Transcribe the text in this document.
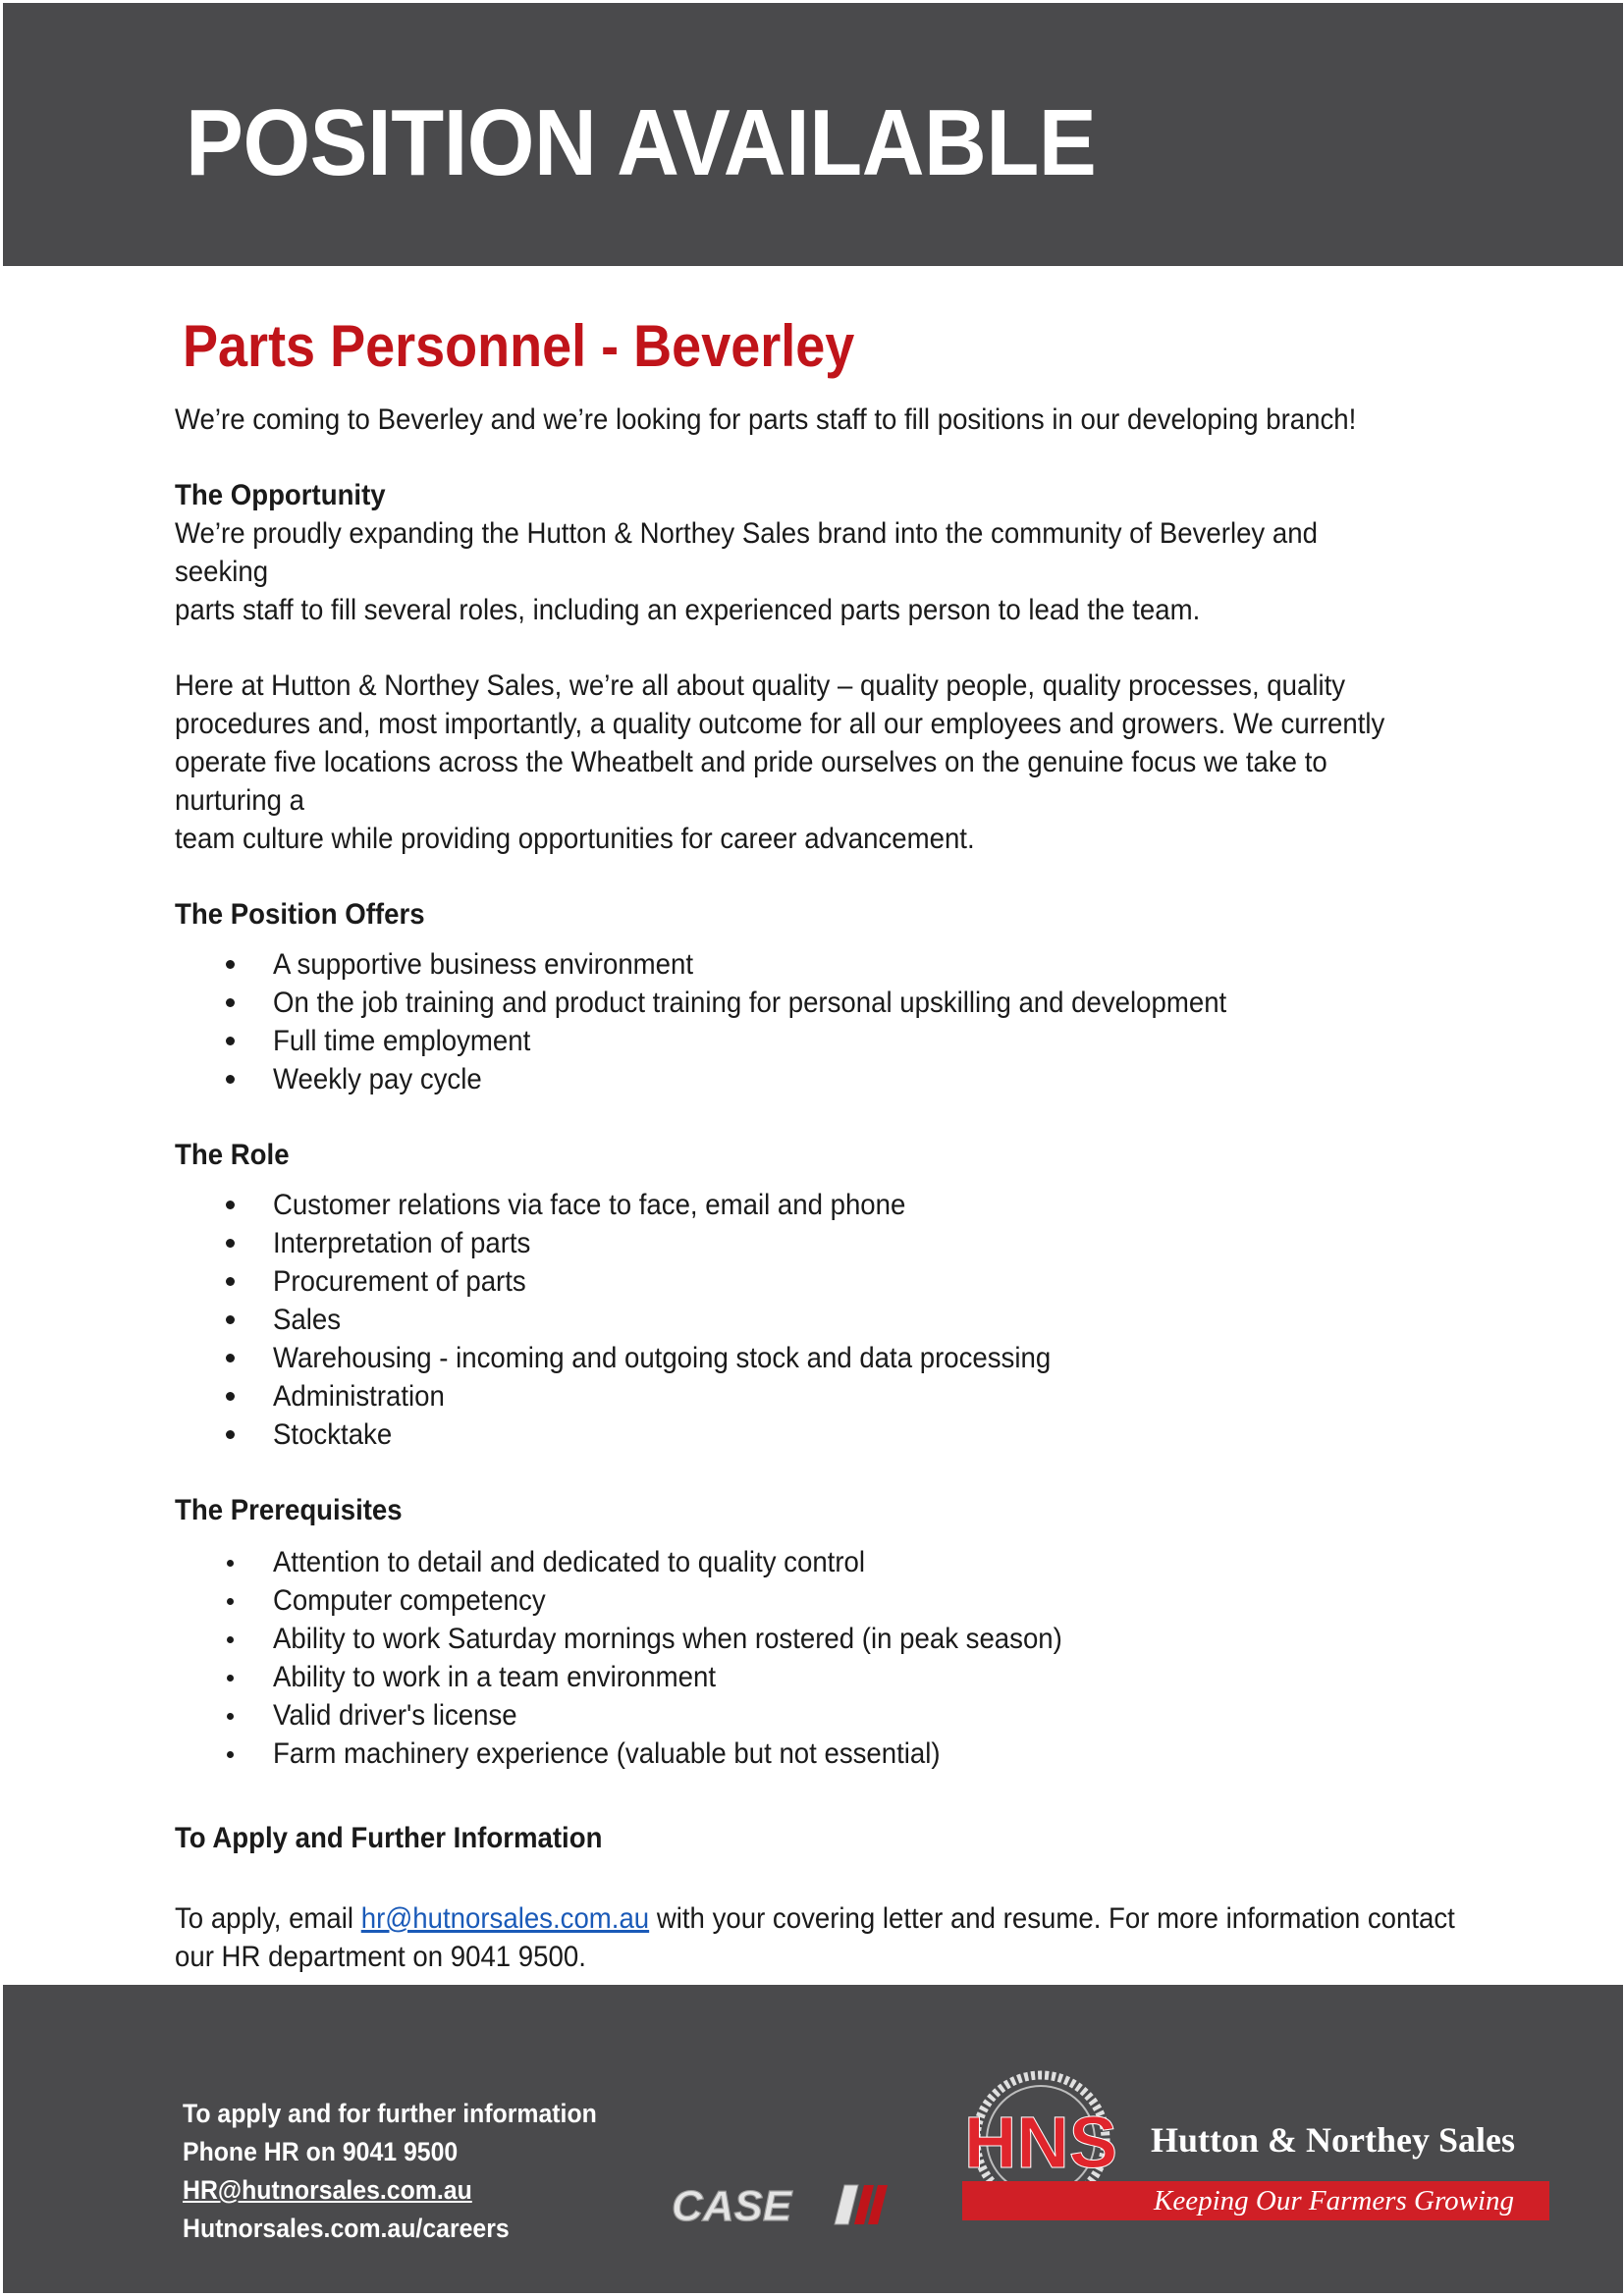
POSITION AVAILABLE
Parts Personnel - Beverley

We’re coming to Beverley and we’re looking for parts staff to fill positions in our developing branch!

The Opportunity

We’re proudly expanding the Hutton & Northey Sales brand into the community of Beverley and seeking

parts staff to fill several roles, including an experienced parts person to lead the team.

Here at Hutton & Northey Sales, we’re all about quality – quality people, quality processes, quality

procedures and, most importantly, a quality outcome for all our employees and growers. We currently

operate five locations across the Wheatbelt and pride ourselves on the genuine focus we take to nurturing a

team culture while providing opportunities for career advancement.

The Position Offers

A supportive business environment
On the job training and product training for personal upskilling and development
Full time employment
Weekly pay cycle

The Role

Customer relations via face to face, email and phone
Interpretation of parts
Procurement of parts
Sales
Warehousing - incoming and outgoing stock and data processing
Administration
Stocktake

The Prerequisites

Attention to detail and dedicated to quality control
Computer competency
Ability to work Saturday mornings when rostered (in peak season)
Ability to work in a team environment
Valid driver's license
Farm machinery experience (valuable but not essential)

To Apply and Further Information

To apply, email hr@hutnorsales.com.au with your covering letter and resume. For more information contact

our HR department on 9041 9500.

To apply and for further information
Phone HR on 9041 9500
HR@hutnorsales.com.au
Hutnorsales.com.au/careers	CASE
HNS Hutton & Northey Sales
Keeping Our Farmers Growing
